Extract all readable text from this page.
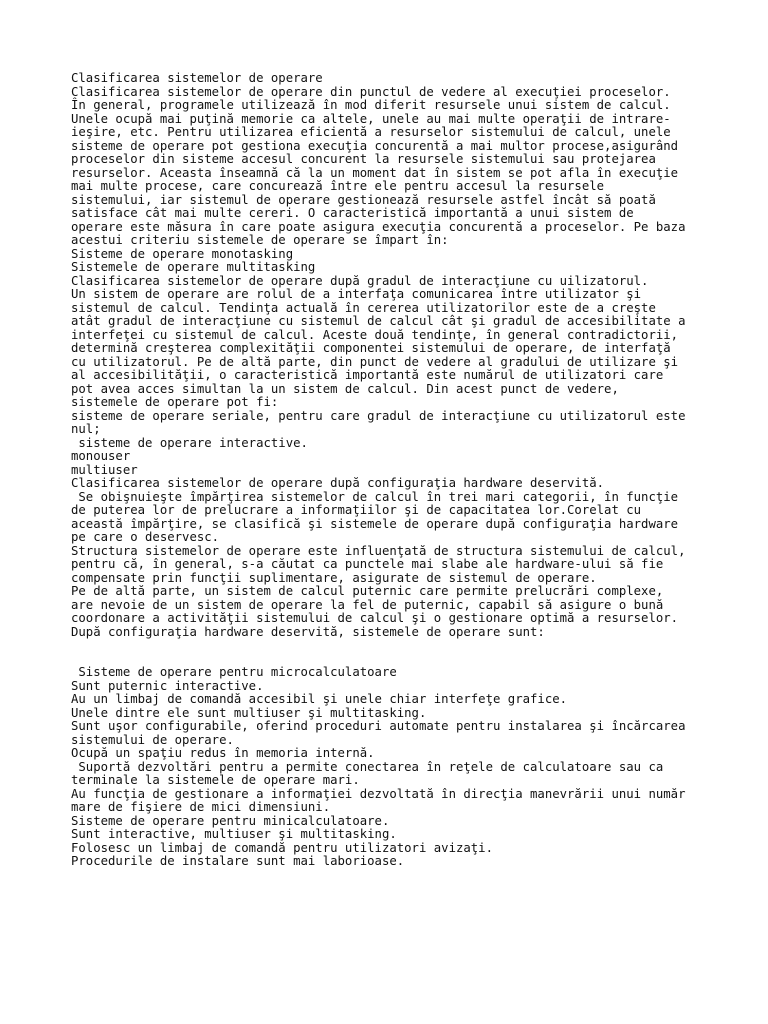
Clasificarea sistemelor de operare
Clasificarea sistemelor de operare din punctul de vedere al execuţiei proceselor.
În general, programele utilizează în mod diferit resursele unui sistem de calcul.
Unele ocupă mai puţină memorie ca altele, unele au mai multe operaţii de intrare-
ieşire, etc. Pentru utilizarea eficientă a resurselor sistemului de calcul, unele
sisteme de operare pot gestiona execuţia concurentă a mai multor procese,asigurând
proceselor din sisteme accesul concurent la resursele sistemului sau protejarea
resurselor. Aceasta înseamnă că la un moment dat în sistem se pot afla în execuţie
mai multe procese, care concurează între ele pentru accesul la resursele
sistemului, iar sistemul de operare gestionează resursele astfel încât să poată
satisface cât mai multe cereri. O caracteristică importantă a unui sistem de
operare este măsura în care poate asigura execuţia concurentă a proceselor. Pe baza
acestui criteriu sistemele de operare se împart în:
Sisteme de operare monotasking
Sistemele de operare multitasking
Clasificarea sistemelor de operare după gradul de interacţiune cu uilizatorul.
Un sistem de operare are rolul de a interfaţa comunicarea între utilizator şi
sistemul de calcul. Tendinţa actuală în cererea utilizatorilor este de a creşte
atât gradul de interacţiune cu sistemul de calcul cât şi gradul de accesibilitate a
interfeţei cu sistemul de calcul. Aceste două tendinţe, în general contradictorii,
determină creşterea complexităţii componentei sistemului de operare, de interfaţă
cu utilizatorul. Pe de altă parte, din punct de vedere al gradului de utilizare şi
al accesibilităţii, o caracteristică importantă este numărul de utilizatori care
pot avea acces simultan la un sistem de calcul. Din acest punct de vedere,
sistemele de operare pot fi:
sisteme de operare seriale, pentru care gradul de interacţiune cu utilizatorul este
nul;
sisteme de operare interactive.
monouser
multiuser
Clasificarea sistemelor de operare după configuraţia hardware deservită.
Se obişnuieşte împărţirea sistemelor de calcul în trei mari categorii, în funcţie
de puterea lor de prelucrare a informaţiilor şi de capacitatea lor.Corelat cu
această împărţire, se clasifică şi sistemele de operare după configuraţia hardware
pe care o deservesc.
Structura sistemelor de operare este influenţată de structura sistemului de calcul,
pentru că, în general, s-a căutat ca punctele mai slabe ale hardware-ului să fie
compensate prin funcţii suplimentare, asigurate de sistemul de operare.
Pe de altă parte, un sistem de calcul puternic care permite prelucrări complexe,
are nevoie de un sistem de operare la fel de puternic, capabil să asigure o bună
coordonare a activităţii sistemului de calcul şi o gestionare optimă a resurselor.
După configuraţia hardware deservită, sistemele de operare sunt:
Sisteme de operare pentru microcalculatoare
Sunt puternic interactive.
Au un limbaj de comandă accesibil şi unele chiar interfeţe grafice.
Unele dintre ele sunt multiuser şi multitasking.
Sunt uşor configurabile, oferind proceduri automate pentru instalarea şi încărcarea
sistemului de operare.
Ocupă un spaţiu redus în memoria internă.
Suportă dezvoltări pentru a permite conectarea în reţele de calculatoare sau ca
terminale la sistemele de operare mari.
Au funcţia de gestionare a informaţiei dezvoltată în direcţia manevrării unui număr
mare de fişiere de mici dimensiuni.
Sisteme de operare pentru minicalculatoare.
Sunt interactive, multiuser şi multitasking.
Folosesc un limbaj de comandă pentru utilizatori avizaţi.
Procedurile de instalare sunt mai laborioase.
